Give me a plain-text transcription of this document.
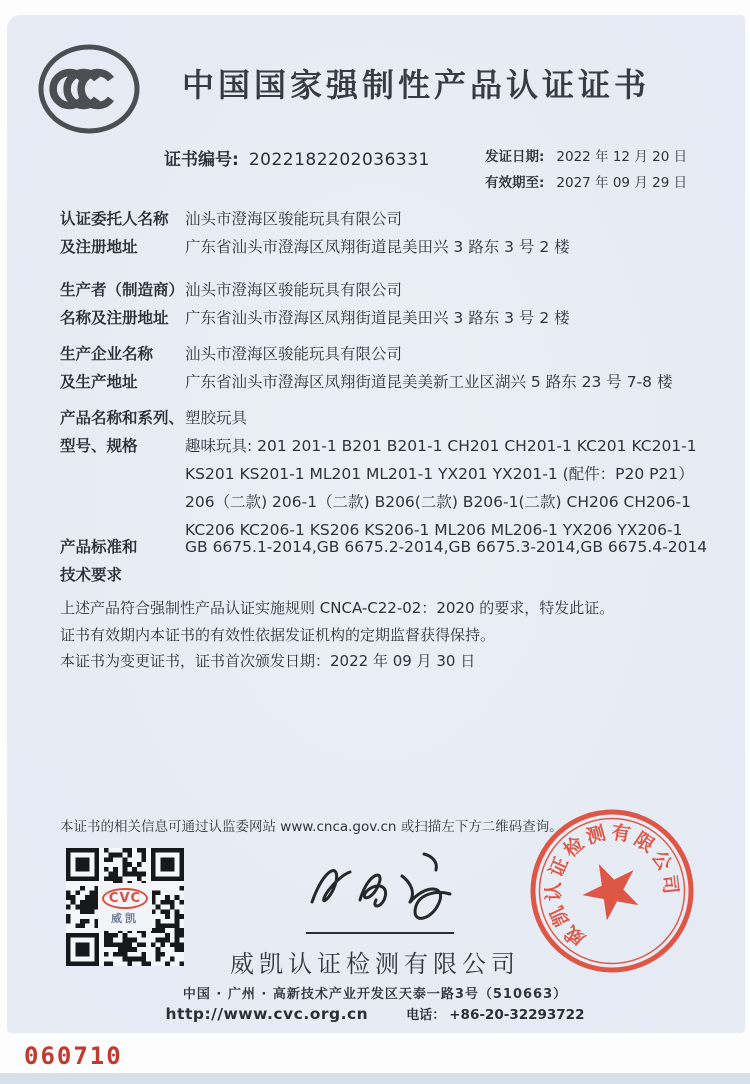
中国国家强制性产品认证证书
证书编号: 2022182202036331	发证日期: 2022 年 12 月 20 日
有效期至: 2027 年 09 月 29 日
认证委托人名称
及注册地址
汕头市澄海区骏能玩具有限公司
广东省汕头市澄海区凤翔街道昆美田兴 3 路东 3 号 2 楼
生产者（制造商）
名称及注册地址
汕头市澄海区骏能玩具有限公司
广东省汕头市澄海区凤翔街道昆美田兴 3 路东 3 号 2 楼
生产企业名称
及生产地址
汕头市澄海区骏能玩具有限公司
广东省汕头市澄海区凤翔街道昆美美新工业区湖兴 5 路东 23 号 7-8 楼
产品名称和系列、
型号、规格
塑胶玩具
趣味玩具: 201 201-1 B201 B201-1 CH201 CH201-1 KC201 KC201-1 KS201 KS201-1 ML201 ML201-1 YX201 YX201-1 (配件：P20 P21）206（二款) 206-1（二款) B206(二款) B206-1(二款) CH206 CH206-1 KC206 KC206-1 KS206 KS206-1 ML206 ML206-1 YX206 YX206-1
产品标准和
技术要求
GB 6675.1-2014,GB 6675.2-2014,GB 6675.3-2014,GB 6675.4-2014

上述产品符合强制性产品认证实施规则 CNCA-C22-02：2020 的要求，特发此证。

证书有效期内本证书的有效性依据发证机构的定期监督获得保持。

本证书为变更证书，证书首次颁发日期：2022 年 09 月 30 日

本证书的相关信息可通过认监委网站 www.cnca.gov.cn 或扫描左下方二维码查询。
CVC
威凯
威凯认证检测有限公司
中国 · 广州 · 高新技术产业开发区天泰一路3号（510663）
http://www.cvc.org.cn	电话： +86-20-32293722
威凯认证检测有限公司
060710
